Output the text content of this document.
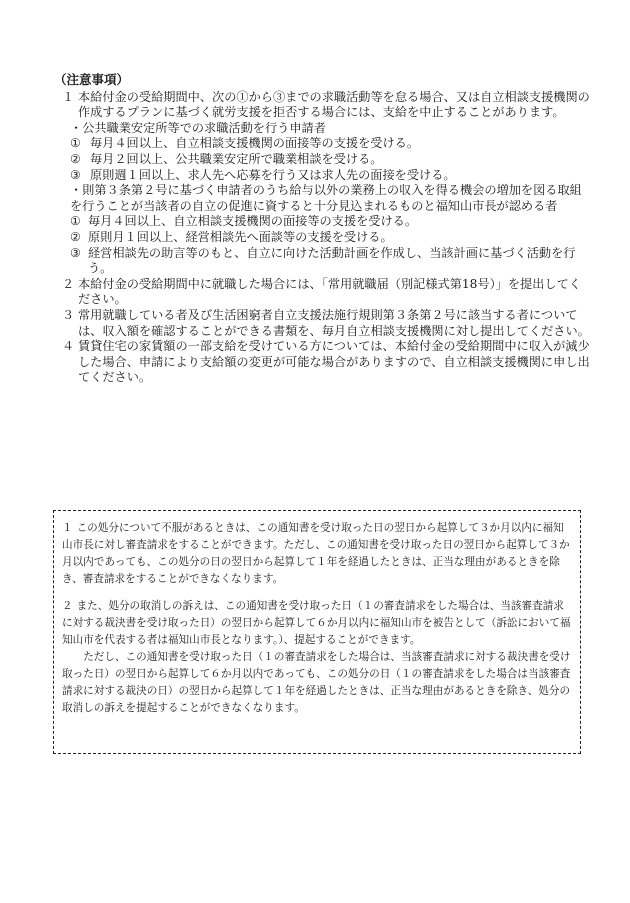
（注意事項）

１ 本給付金の受給期間中、次の①から③までの求職活動等を怠る場合、又は自立相談支援機関の作成するプランに基づく就労支援を拒否する場合には、支給を中止することがあります。

・公共職業安定所等での求職活動を行う申請者

① 毎月４回以上、自立相談支援機関の面接等の支援を受ける。
② 毎月２回以上、公共職業安定所で職業相談を受ける。
③ 原則週１回以上、求人先へ応募を行う又は求人先の面接を受ける。

・則第３条第２号に基づく申請者のうち給与以外の業務上の収入を得る機会の増加を図る取組を行うことが当該者の自立の促進に資すると十分見込まれるものと福知山市長が認める者

① 毎月４回以上、自立相談支援機関の面接等の支援を受ける。
② 原則月１回以上、経営相談先へ面談等の支援を受ける。
③ 経営相談先の助言等のもと、自立に向けた活動計画を作成し、当該計画に基づく活動を行う。
２ 本給付金の受給期間中に就職した場合には、「常用就職届（別記様式第18号）」を提出してください。
３ 常用就職している者及び生活困窮者自立支援法施行規則第３条第２号に該当する者については、収入額を確認することができる書類を、毎月自立相談支援機関に対し提出してください。
４ 賃貸住宅の家賃額の一部支給を受けている方については、本給付金の受給期間中に収入が減少した場合、申請により支給額の変更が可能な場合がありますので、自立相談支援機関に申し出てください。

１ この処分について不服があるときは、この通知書を受け取った日の翌日から起算して３か月以内に福知山市長に対し審査請求をすることができます。ただし、この通知書を受け取った日の翌日から起算して３か月以内であっても、この処分の日の翌日から起算して１年を経過したときは、正当な理由があるときを除き、審査請求をすることができなくなります。

２ また、処分の取消しの訴えは、この通知書を受け取った日（１の審査請求をした場合は、当該審査請求に対する裁決書を受け取った日）の翌日から起算して６か月以内に福知山市を被告として（訴訟において福知山市を代表する者は福知山市長となります。）、提起することができます。

ただし、この通知書を受け取った日（１の審査請求をした場合は、当該審査請求に対する裁決書を受け取った日）の翌日から起算して６か月以内であっても、この処分の日（１の審査請求をした場合は当該審査請求に対する裁決の日）の翌日から起算して１年を経過したときは、正当な理由があるときを除き、処分の取消しの訴えを提起することができなくなります。
